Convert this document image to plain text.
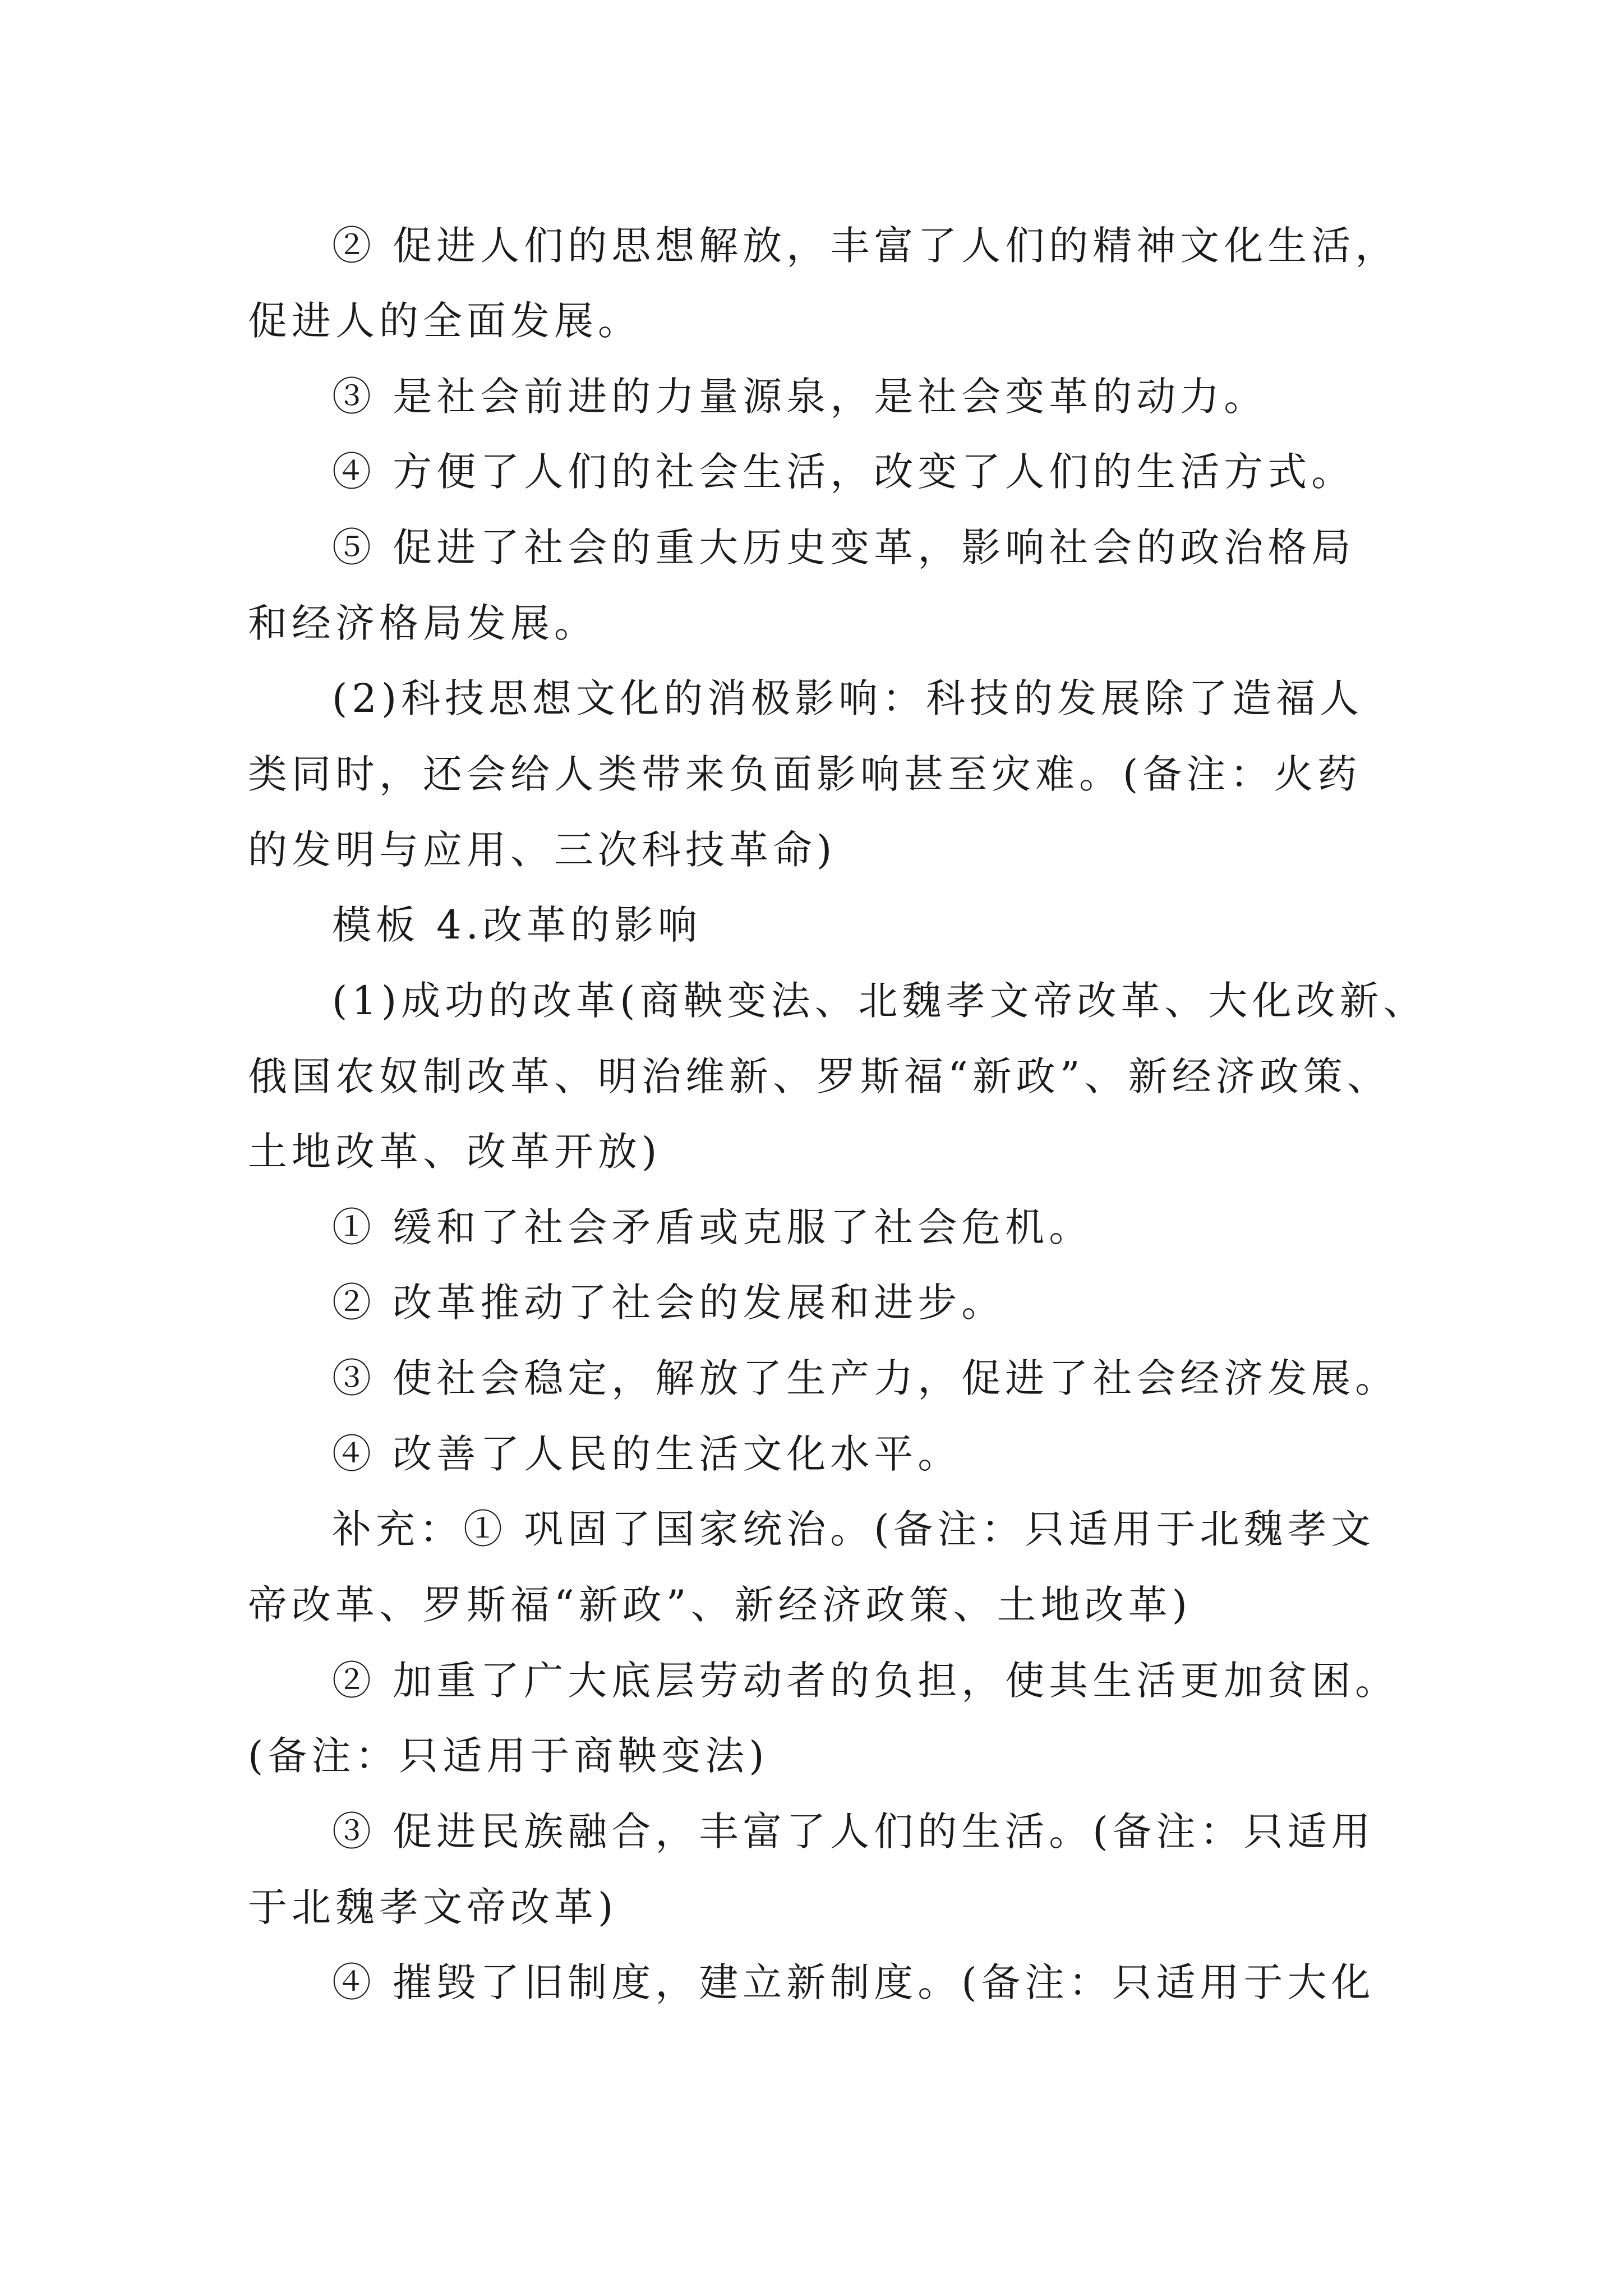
② 促进人们的思想解放，丰富了人们的精神文化生活，
促进人的全面发展。
③ 是社会前进的力量源泉，是社会变革的动力。
④ 方便了人们的社会生活，改变了人们的生活方式。
⑤ 促进了社会的重大历史变革，影响社会的政治格局
和经济格局发展。
(2)科技思想文化的消极影响：科技的发展除了造福人
类同时，还会给人类带来负面影响甚至灾难。(备注：火药
的发明与应用、三次科技革命)
模板 4.改革的影响
(1)成功的改革(商鞅变法、北魏孝文帝改革、大化改新、
俄国农奴制改革、明治维新、罗斯福“新政”、新经济政策、
土地改革、改革开放)
① 缓和了社会矛盾或克服了社会危机。
② 改革推动了社会的发展和进步。
③ 使社会稳定，解放了生产力，促进了社会经济发展。
④ 改善了人民的生活文化水平。
补充：① 巩固了国家统治。(备注：只适用于北魏孝文
帝改革、罗斯福“新政”、新经济政策、土地改革)
② 加重了广大底层劳动者的负担，使其生活更加贫困。
(备注：只适用于商鞅变法)
③ 促进民族融合，丰富了人们的生活。(备注：只适用
于北魏孝文帝改革)
④ 摧毁了旧制度，建立新制度。(备注：只适用于大化
